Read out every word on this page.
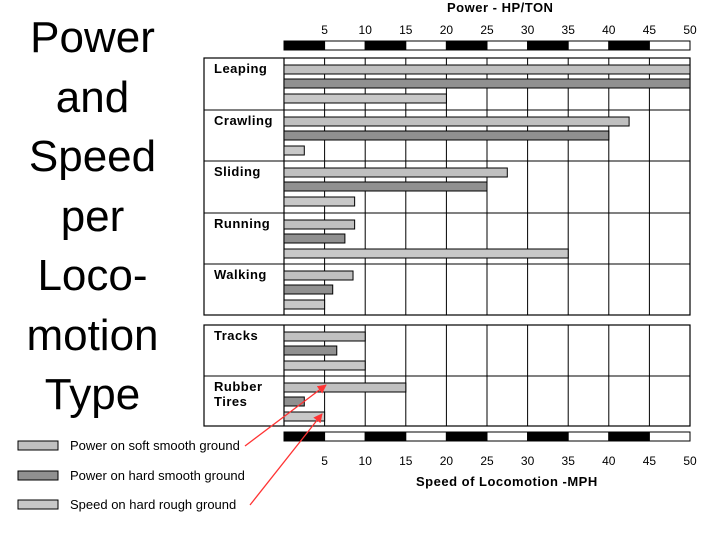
Power
and
Speed
per
Loco-
motion
Type
Power - HP/TON
5	10 15 20 25 30 35 40 45 50
Leaping
Crawling
Sliding
Running
Walking
Tracks
Rubber
Tires
5	10 15 20 25 30 35 40 45 50
Speed of Locomotion -MPH
Power on soft smooth ground
Power on hard smooth ground
Speed on hard rough ground
